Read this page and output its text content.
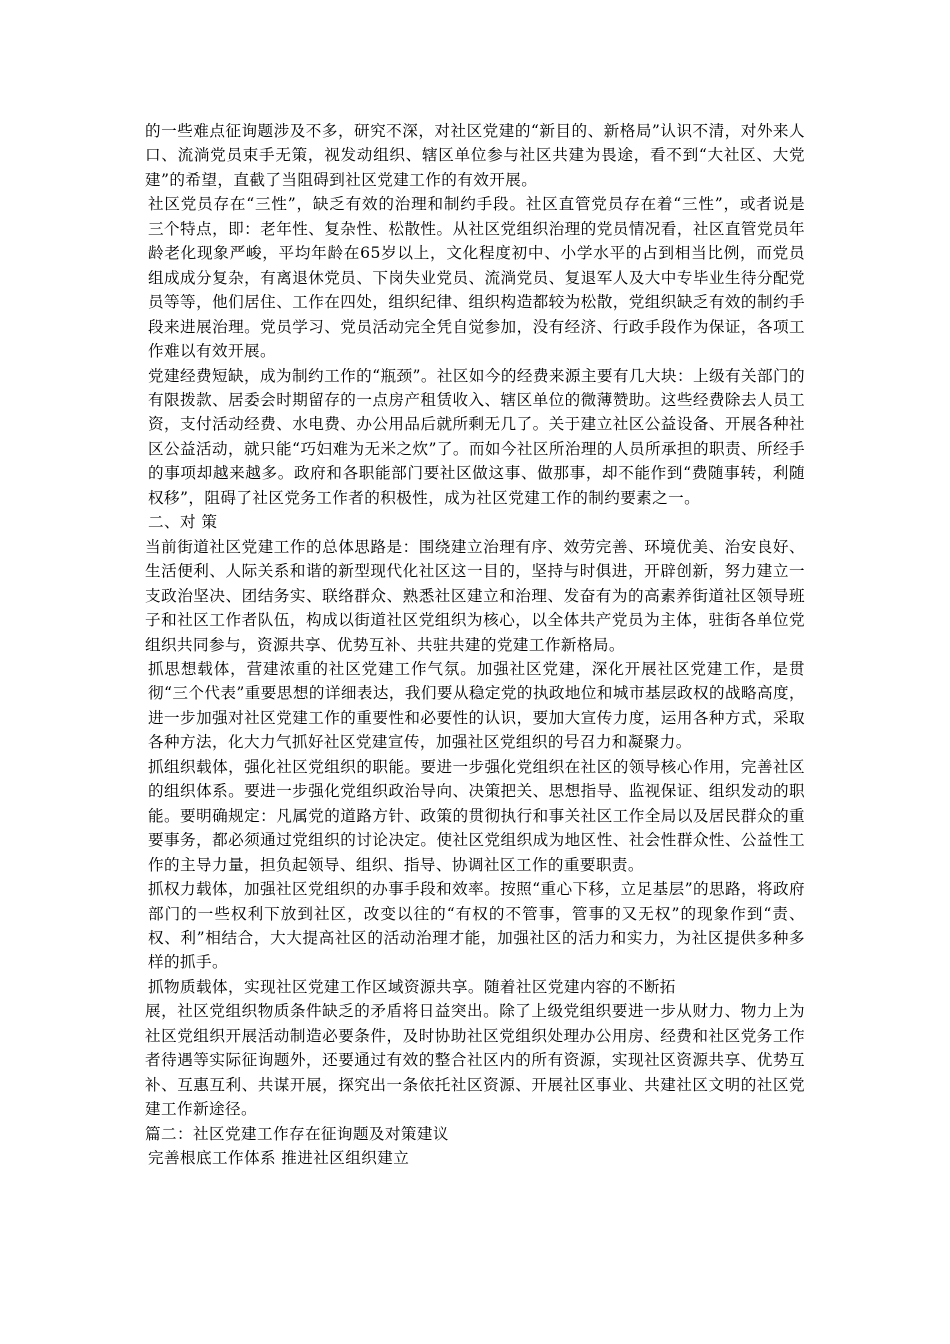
的一些难点征询题涉及不多，研究不深，对社区党建的“新目的、新格局”认识不清，对外来人口、流淌党员束手无策，视发动组织、辖区单位参与社区共建为畏途，看不到“大社区、大党建”的希望，直截了当阻碍到社区党建工作的有效开展。

社区党员存在“三性”，缺乏有效的治理和制约手段。社区直管党员存在着“三性”，或者说是三个特点，即：老年性、复杂性、松散性。从社区党组织治理的党员情况看，社区直管党员年龄老化现象严峻，平均年龄在65岁以上，文化程度初中、小学水平的占到相当比例，而党员组成成分复杂，有离退休党员、下岗失业党员、流淌党员、复退军人及大中专毕业生待分配党员等等，他们居住、工作在四处，组织纪律、组织构造都较为松散，党组织缺乏有效的制约手段来进展治理。党员学习、党员活动完全凭自觉参加，没有经济、行政手段作为保证，各项工作难以有效开展。

党建经费短缺，成为制约工作的“瓶颈”。社区如今的经费来源主要有几大块：上级有关部门的有限拨款、居委会时期留存的一点房产租赁收入、辖区单位的微薄赞助。这些经费除去人员工资，支付活动经费、水电费、办公用品后就所剩无几了。关于建立社区公益设备、开展各种社区公益活动，就只能“巧妇难为无米之炊”了。而如今社区所治理的人员所承担的职责、所经手的事项却越来越多。政府和各职能部门要社区做这事、做那事，却不能作到“费随事转，利随权移”，阻碍了社区党务工作者的积极性，成为社区党建工作的制约要素之一。

二、对 策

当前街道社区党建工作的总体思路是：围绕建立治理有序、效劳完善、环境优美、治安良好、生活便利、人际关系和谐的新型现代化社区这一目的，坚持与时俱进，开辟创新，努力建立一支政治坚决、团结务实、联络群众、熟悉社区建立和治理、发奋有为的高素养街道社区领导班子和社区工作者队伍，构成以街道社区党组织为核心，以全体共产党员为主体，驻街各单位党组织共同参与，资源共享、优势互补、共驻共建的党建工作新格局。

抓思想载体，营建浓重的社区党建工作气氛。加强社区党建，深化开展社区党建工作，是贯彻“三个代表”重要思想的详细表达，我们要从稳定党的执政地位和城市基层政权的战略高度，进一步加强对社区党建工作的重要性和必要性的认识，要加大宣传力度，运用各种方式，采取各种方法，化大力气抓好社区党建宣传，加强社区党组织的号召力和凝聚力。

抓组织载体，强化社区党组织的职能。要进一步强化党组织在社区的领导核心作用，完善社区的组织体系。要进一步强化党组织政治导向、决策把关、思想指导、监视保证、组织发动的职能。要明确规定：凡属党的道路方针、政策的贯彻执行和事关社区工作全局以及居民群众的重要事务，都必须通过党组织的讨论决定。使社区党组织成为地区性、社会性群众性、公益性工作的主导力量，担负起领导、组织、指导、协调社区工作的重要职责。

抓权力载体，加强社区党组织的办事手段和效率。按照“重心下移，立足基层”的思路，将政府部门的一些权利下放到社区，改变以往的“有权的不管事，管事的又无权”的现象作到“责、权、利”相结合，大大提高社区的活动治理才能，加强社区的活力和实力，为社区提供多种多样的抓手。

抓物质载体，实现社区党建工作区域资源共享。随着社区党建内容的不断拓

展，社区党组织物质条件缺乏的矛盾将日益突出。除了上级党组织要进一步从财力、物力上为社区党组织开展活动制造必要条件，及时协助社区党组织处理办公用房、经费和社区党务工作者待遇等实际征询题外，还要通过有效的整合社区内的所有资源，实现社区资源共享、优势互补、互惠互利、共谋开展，探究出一条依托社区资源、开展社区事业、共建社区文明的社区党建工作新途径。

篇二：社区党建工作存在征询题及对策建议

完善根底工作体系 推进社区组织建立
